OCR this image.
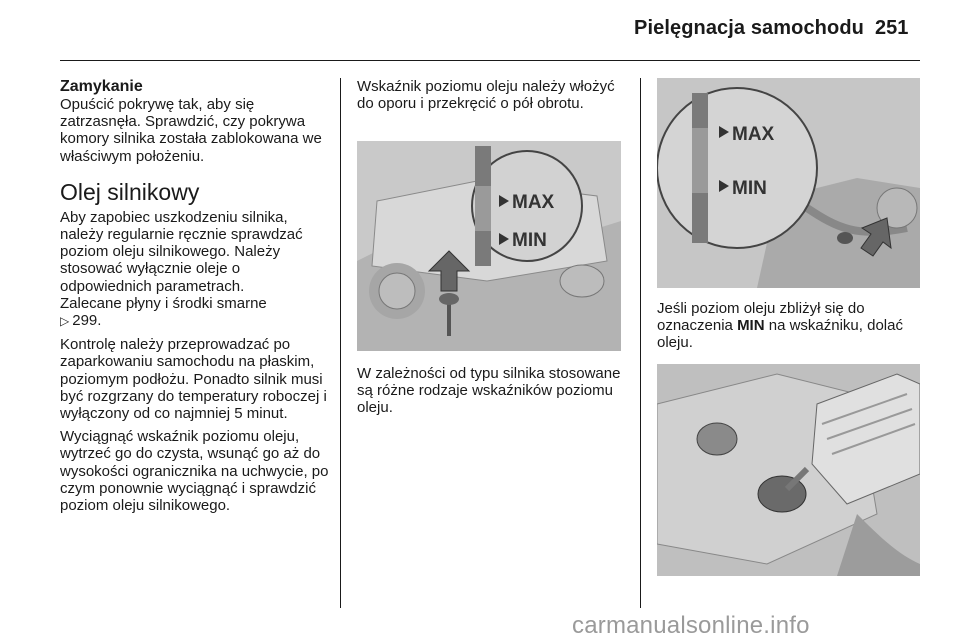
Pielęgnacja samochodu 251
Zamykanie

Opuścić pokrywę tak, aby się zatrzasnęła. Sprawdzić, czy pokrywa komory silnika została zablokowana we właściwym położeniu.

Olej silnikowy

Aby zapobiec uszkodzeniu silnika, należy regularnie ręcznie sprawdzać poziom oleju silnikowego. Należy stosować wyłącznie oleje o odpowiednich parametrach.

Zalecane płyny i środki smarne

▷ 299.

Kontrolę należy przeprowadzać po zaparkowaniu samochodu na płaskim, poziomym podłożu. Ponadto silnik musi być rozgrzany do temperatury roboczej i wyłączony od co najmniej 5 minut.

Wyciągnąć wskaźnik poziomu oleju, wytrzeć go do czysta, wsunąć go aż do wysokości ogranicznika na uchwycie, po czym ponownie wyciągnąć i sprawdzić poziom oleju silnikowego.

Wskaźnik poziomu oleju należy włożyć do oporu i przekręcić o pół obrotu.

MAX
MIN

W zależności od typu silnika stosowane są różne rodzaje wskaźników poziomu oleju.

MAX
MIN

Jeśli poziom oleju zbliżył się do oznaczenia MIN na wskaźniku, dolać oleju.

carmanualsonline.info
